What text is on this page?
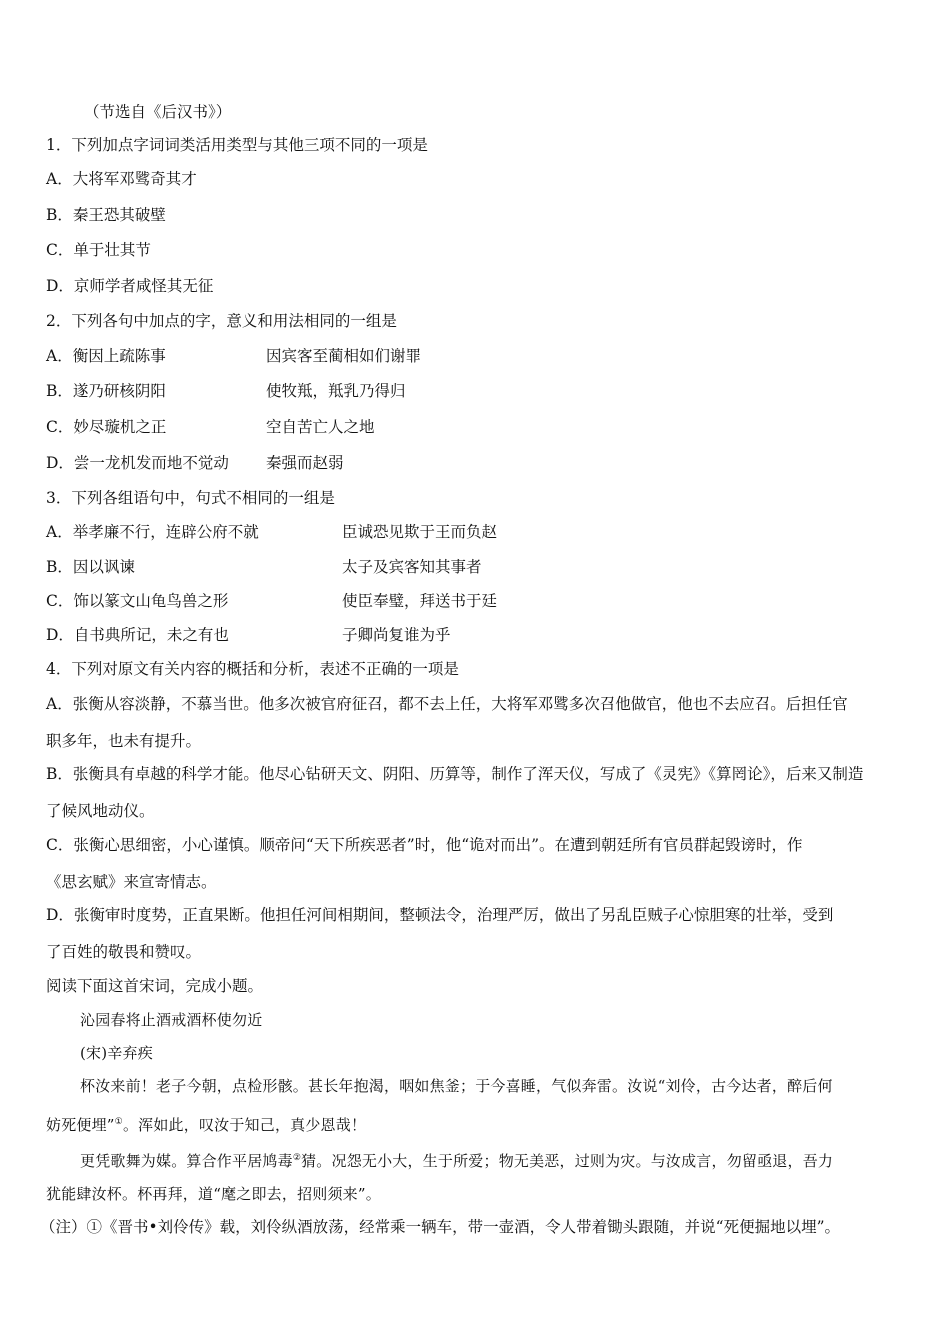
（节选自《后汉书》）
1．下列加点字词词类活用类型与其他三项不同的一项是
A．大将军邓骘奇其才
B．秦王恐其破壁
C．单于壮其节
D．京师学者咸怪其无征
2．下列各句中加点的字，意义和用法相同的一组是
A．衡因上疏陈事	因宾客至蔺相如们谢罪
B．遂乃研核阴阳	使牧羝，羝乳乃得归
C．妙尽璇机之正	空自苦亡人之地
D．尝一龙机发而地不觉动 秦强而赵弱
3．下列各组语句中，句式不相同的一组是
A．举孝廉不行，连辟公府不就	臣诚恐见欺于王而负赵
B．因以讽谏	太子及宾客知其事者
C．饰以篆文山龟鸟兽之形	使臣奉璧，拜送书于廷
D．自书典所记，未之有也	子卿尚复谁为乎
4．下列对原文有关内容的概括和分析，表述不正确的一项是
A．张衡从容淡静，不慕当世。他多次被官府征召，都不去上任，大将军邓骘多次召他做官，他也不去应召。后担任官
职多年，也未有提升。
B．张衡具有卓越的科学才能。他尽心钻研天文、阴阳、历算等，制作了浑天仪，写成了《灵宪》《算罔论》，后来又制造
了候风地动仪。
C．张衡心思细密，小心谨慎。顺帝问“天下所疾恶者”时，他“诡对而出”。在遭到朝廷所有官员群起毁谤时，作
《思玄赋》来宣寄情志。
D．张衡审时度势，正直果断。他担任河间相期间，整顿法令，治理严厉，做出了另乱臣贼子心惊胆寒的壮举，受到
了百姓的敬畏和赞叹。
阅读下面这首宋词，完成小题。
沁园春将止酒戒酒杯使勿近
(宋)辛弃疾
杯汝来前！老子今朝，点检形骸。甚长年抱渴，咽如焦釜；于今喜睡，气似奔雷。汝说“刘伶，古今达者，醉后何
妨死便埋”①。浑如此，叹汝于知己，真少恩哉！
更凭歌舞为媒。算合作平居鸠毒②猜。况怨无小大，生于所爱；物无美恶，过则为灾。与汝成言，勿留亟退，吾力
犹能肆汝杯。杯再拜，道“麾之即去，招则须来”。
（注）①《晋书•刘伶传》载，刘伶纵酒放荡，经常乘一辆车，带一壶酒，令人带着锄头跟随，并说“死便掘地以埋”。
